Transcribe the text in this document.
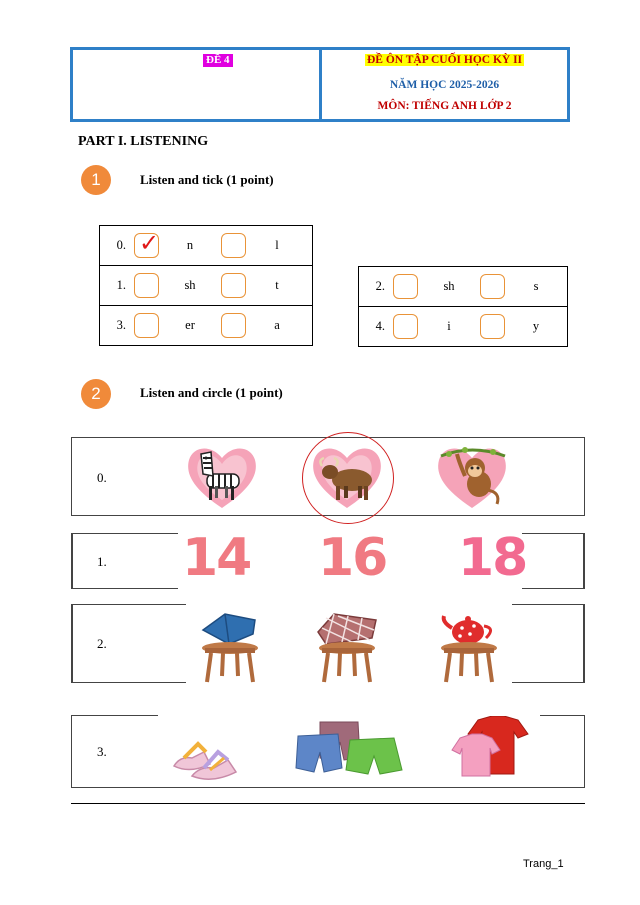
ĐỀ 4	ĐỀ ÔN TẬP CUỐI HỌC KỲ II
NĂM HỌC 2025-2026
MÔN: TIẾNG ANH LỚP 2
PART I. LISTENING
1	Listen and tick (1 point)
0. ✓	n	l

1.	sh	t

3.	er	a
2.	sh	s

4.	i	y
2	Listen and circle (1 point)
0.
1. 14 16 18
2.
3.
Trang_1
